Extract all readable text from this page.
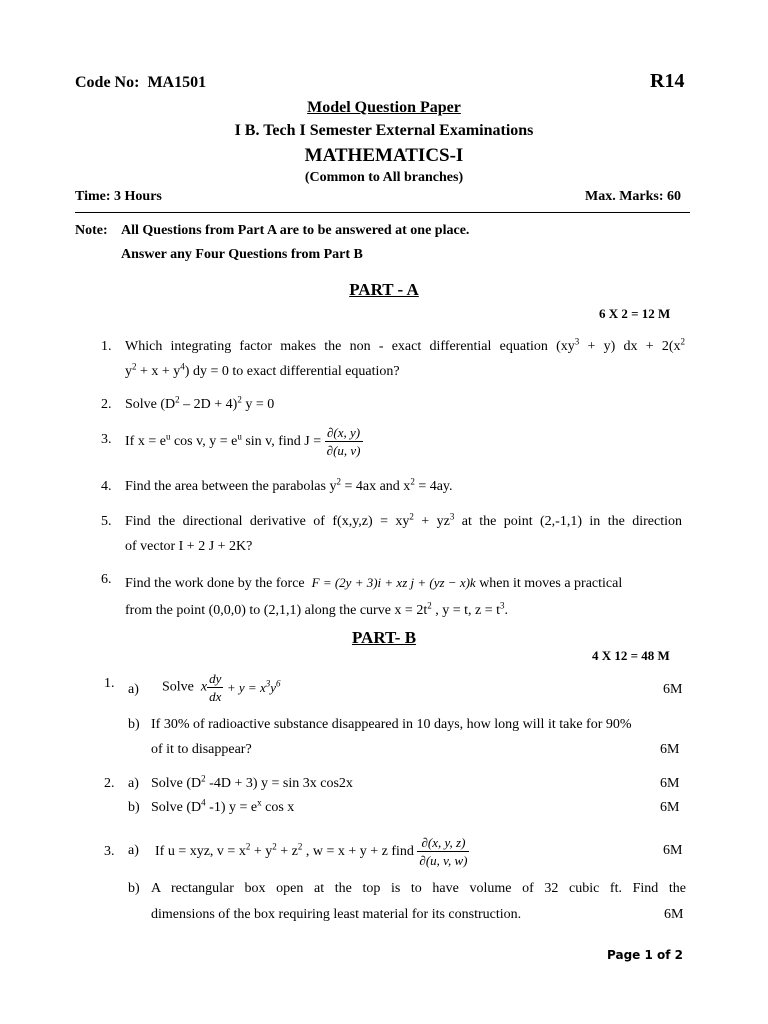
Code No: MA1501	R14
Model Question Paper
I B. Tech I Semester External Examinations
MATHEMATICS-I
(Common to All branches)
Time: 3 Hours	Max. Marks: 60
Note: All Questions from Part A are to be answered at one place.
Answer any Four Questions from Part B
PART - A
6 X 2 = 12 M
1. Which integrating factor makes the non - exact differential equation $(xy^3 + y)$ dx + $2(x^2$
$y^2 + x + y^4$) dy = 0 to exact differential equation?
2. Solve $(D^2 - 2D + 4)^2$ y = 0
3. If $x = e^u$ cos v, $y = e^u$ sin v, find $J = \frac{\partial(x, y)}{\partial(u, v)}$
4. Find the area between the parabolas $y^2 = 4ax$ and $x^2 = 4ay$.
5. Find the directional derivative of $f(x,y,z) = xy^2 + yz^3$ at the point (2,-1,1) in the direction
of vector I + 2 J + 2K?
6. Find the work done by the force F = (2y + 3)i + xz j + (yz − x)k when it moves a practical
from the point (0,0,0) to (2,1,1) along the curve $x = 2t^2$ , y = t, $z = t^3$.
PART- B
4 X 12 = 48 M
1. a) Solve x $\frac{dy}{dx} + y = x^3y^6$	6M
b) If 30% of radioactive substance disappeared in 10 days, how long will it take for 90%
of it to disappear?	6M
2. a) Solve ($D^2$ -4D + 3) y = sin 3x cos2x	6M
b) Solve ($D^4$ -1) $y = e^x$ cos x	6M
3. a) If u = xyz, $v = x^2 + y^2 + z^2$ , w = x + y + z find $\frac{\partial(x, y, z)}{\partial(u, v, w)}$	6M
b) A rectangular box open at the top is to have volume of 32 cubic ft. Find the
dimensions of the box requiring least material for its construction.	6M
Page 1 of 2
